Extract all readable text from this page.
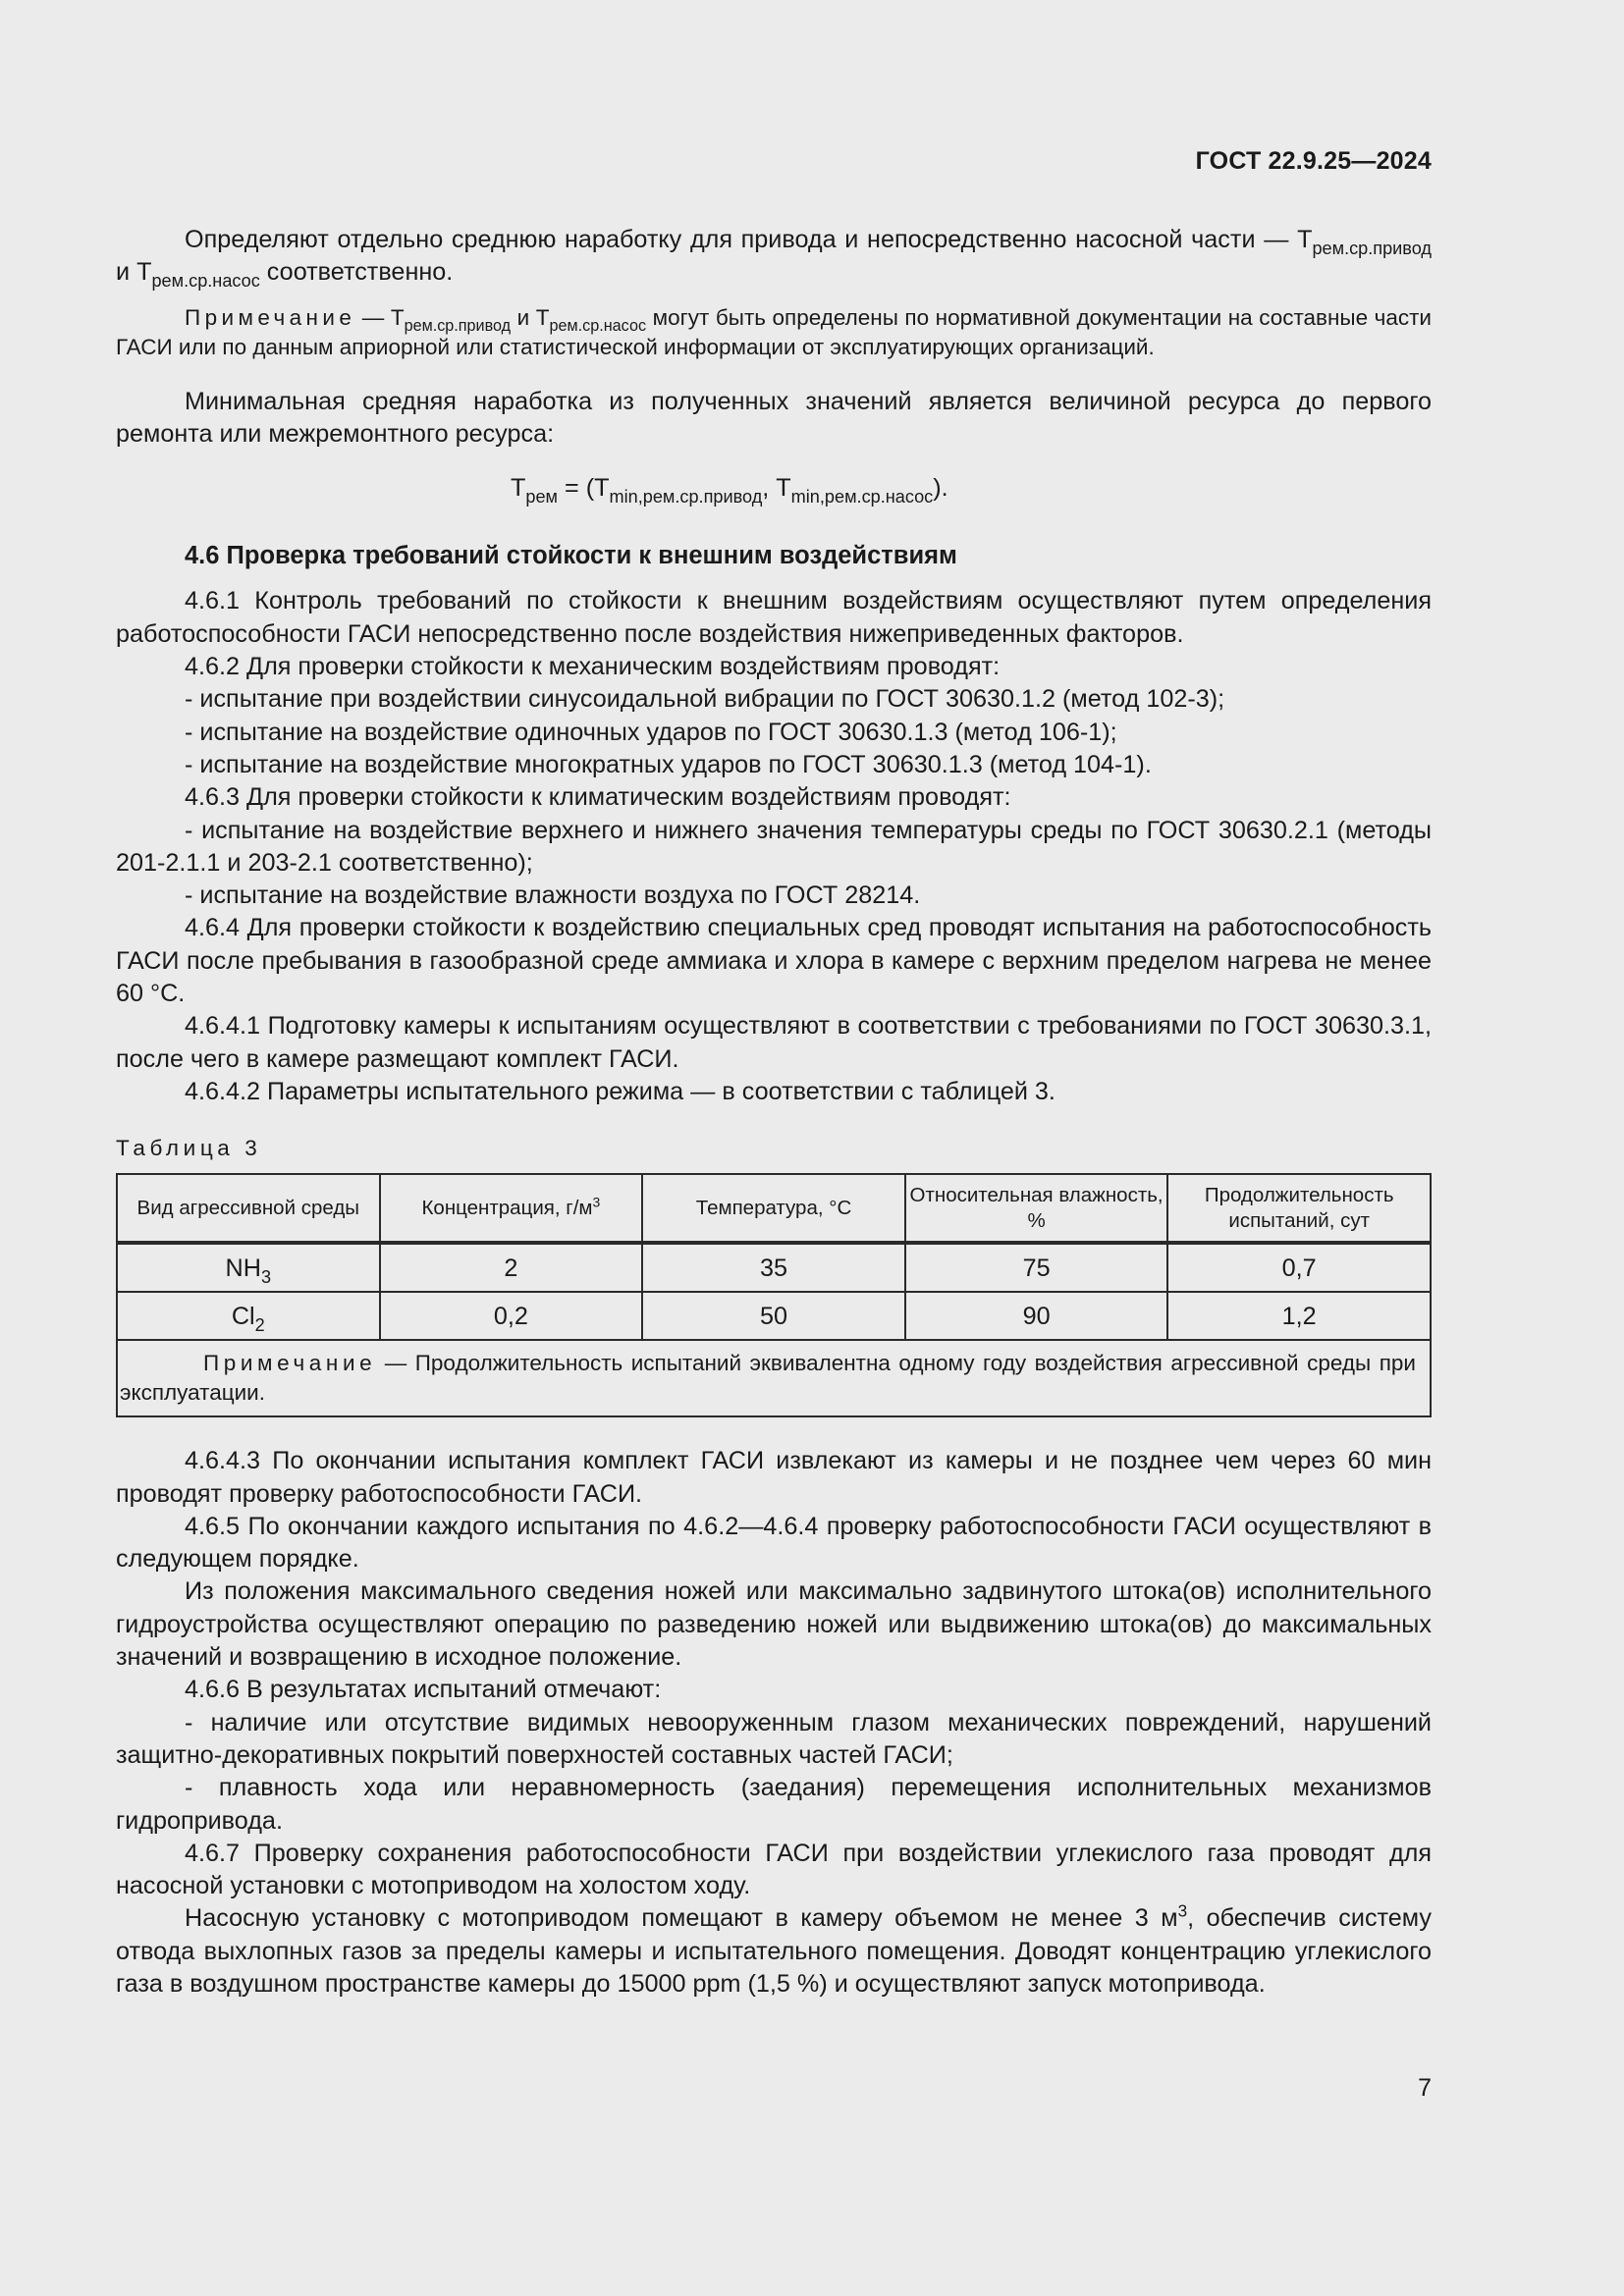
ГОСТ 22.9.25—2024

Определяют отдельно среднюю наработку для привода и непосредственно насосной части — $T_{рем.ср.привод}$ и $T_{рем.ср.насос}$ соответственно.

Примечание — $T_{рем.ср.привод}$ и $T_{рем.ср.насос}$ могут быть определены по нормативной документации на составные части ГАСИ или по данным априорной или статистической информации от эксплуатирующих организаций.

Минимальная средняя наработка из полученных значений является величиной ресурса до первого ремонта или межремонтного ресурса:

$T_{рем} = (T_{min,рем.ср.привод}$, $T_{min,рем.ср.насос}$).

4.6 Проверка требований стойкости к внешним воздействиям

4.6.1 Контроль требований по стойкости к внешним воздействиям осуществляют путем определения работоспособности ГАСИ непосредственно после воздействия нижеприведенных факторов.

4.6.2 Для проверки стойкости к механическим воздействиям проводят:

- испытание при воздействии синусоидальной вибрации по ГОСТ 30630.1.2 (метод 102-3);

- испытание на воздействие одиночных ударов по ГОСТ 30630.1.3 (метод 106-1);

- испытание на воздействие многократных ударов по ГОСТ 30630.1.3 (метод 104-1).

4.6.3 Для проверки стойкости к климатическим воздействиям проводят:

- испытание на воздействие верхнего и нижнего значения температуры среды по ГОСТ 30630.2.1 (методы 201-2.1.1 и 203-2.1 соответственно);

- испытание на воздействие влажности воздуха по ГОСТ 28214.

4.6.4 Для проверки стойкости к воздействию специальных сред проводят испытания на работоспособность ГАСИ после пребывания в газообразной среде аммиака и хлора в камере с верхним пределом нагрева не менее 60 °С.

4.6.4.1 Подготовку камеры к испытаниям осуществляют в соответствии с требованиями по ГОСТ 30630.3.1, после чего в камере размещают комплект ГАСИ.

4.6.4.2 Параметры испытательного режима — в соответствии с таблицей 3.

Таблица 3
Вид агрессивной среды	Концентрация, $г/м^3$	Температура, °С	Относительная влажность, %	Продолжительность испытаний, сут
$NH_3$	2	35	75	0,7
$Cl_2$	0,2	50	90	1,2
Примечание — Продолжительность испытаний эквивалентна одному году воздействия агрессивной среды при эксплуатации.				

4.6.4.3 По окончании испытания комплект ГАСИ извлекают из камеры и не позднее чем через 60 мин проводят проверку работоспособности ГАСИ.

4.6.5 По окончании каждого испытания по 4.6.2—4.6.4 проверку работоспособности ГАСИ осуществляют в следующем порядке.

Из положения максимального сведения ножей или максимально задвинутого штока(ов) исполнительного гидроустройства осуществляют операцию по разведению ножей или выдвижению штока(ов) до максимальных значений и возвращению в исходное положение.

4.6.6 В результатах испытаний отмечают:

- наличие или отсутствие видимых невооруженным глазом механических повреждений, нарушений защитно-декоративных покрытий поверхностей составных частей ГАСИ;

- плавность хода или неравномерность (заедания) перемещения исполнительных механизмов гидропривода.

4.6.7 Проверку сохранения работоспособности ГАСИ при воздействии углекислого газа проводят для насосной установки с мотоприводом на холостом ходу.

Насосную установку с мотоприводом помещают в камеру объемом не менее 3 $м^3$, обеспечив систему отвода выхлопных газов за пределы камеры и испытательного помещения. Доводят концентрацию углекислого газа в воздушном пространстве камеры до 15000 ppm (1,5 %) и осуществляют запуск мотопривода.

7
